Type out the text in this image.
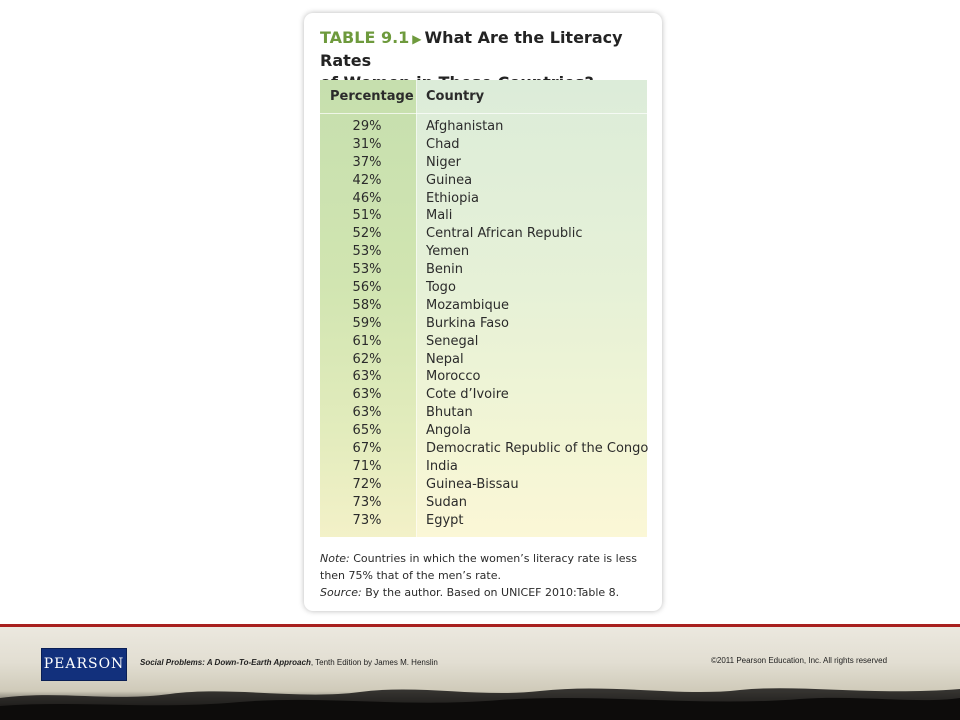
TABLE 9.1 ▶ What Are the Literacy Rates

Percentage Country
29%	Afghanistan
31%	Chad
37%	Niger
42%	Guinea
46%	Ethiopia
51%	Mali
52%	Central African Republic
53%	Yemen
53%	Benin
56%	Togo
58%	Mozambique
59%	Burkina Faso
61%	Senegal
62%	Nepal
63%	Morocco
63%	Cote d’Ivoire
63%	Bhutan
65%	Angola
67%	Democratic Republic of the Congo
71%	India
72%	Guinea-Bissau
73%	Sudan
73%	Egypt
Note: Countries in which the women’s literacy rate is less then 75% that of the men’s rate.
Source: By the author. Based on UNICEF 2010:Table 8.
PEARSON	Social Problems: A Down-To-Earth Approach, Tenth Edition by James M. Henslin	©2011 Pearson Education, Inc. All rights reserved
